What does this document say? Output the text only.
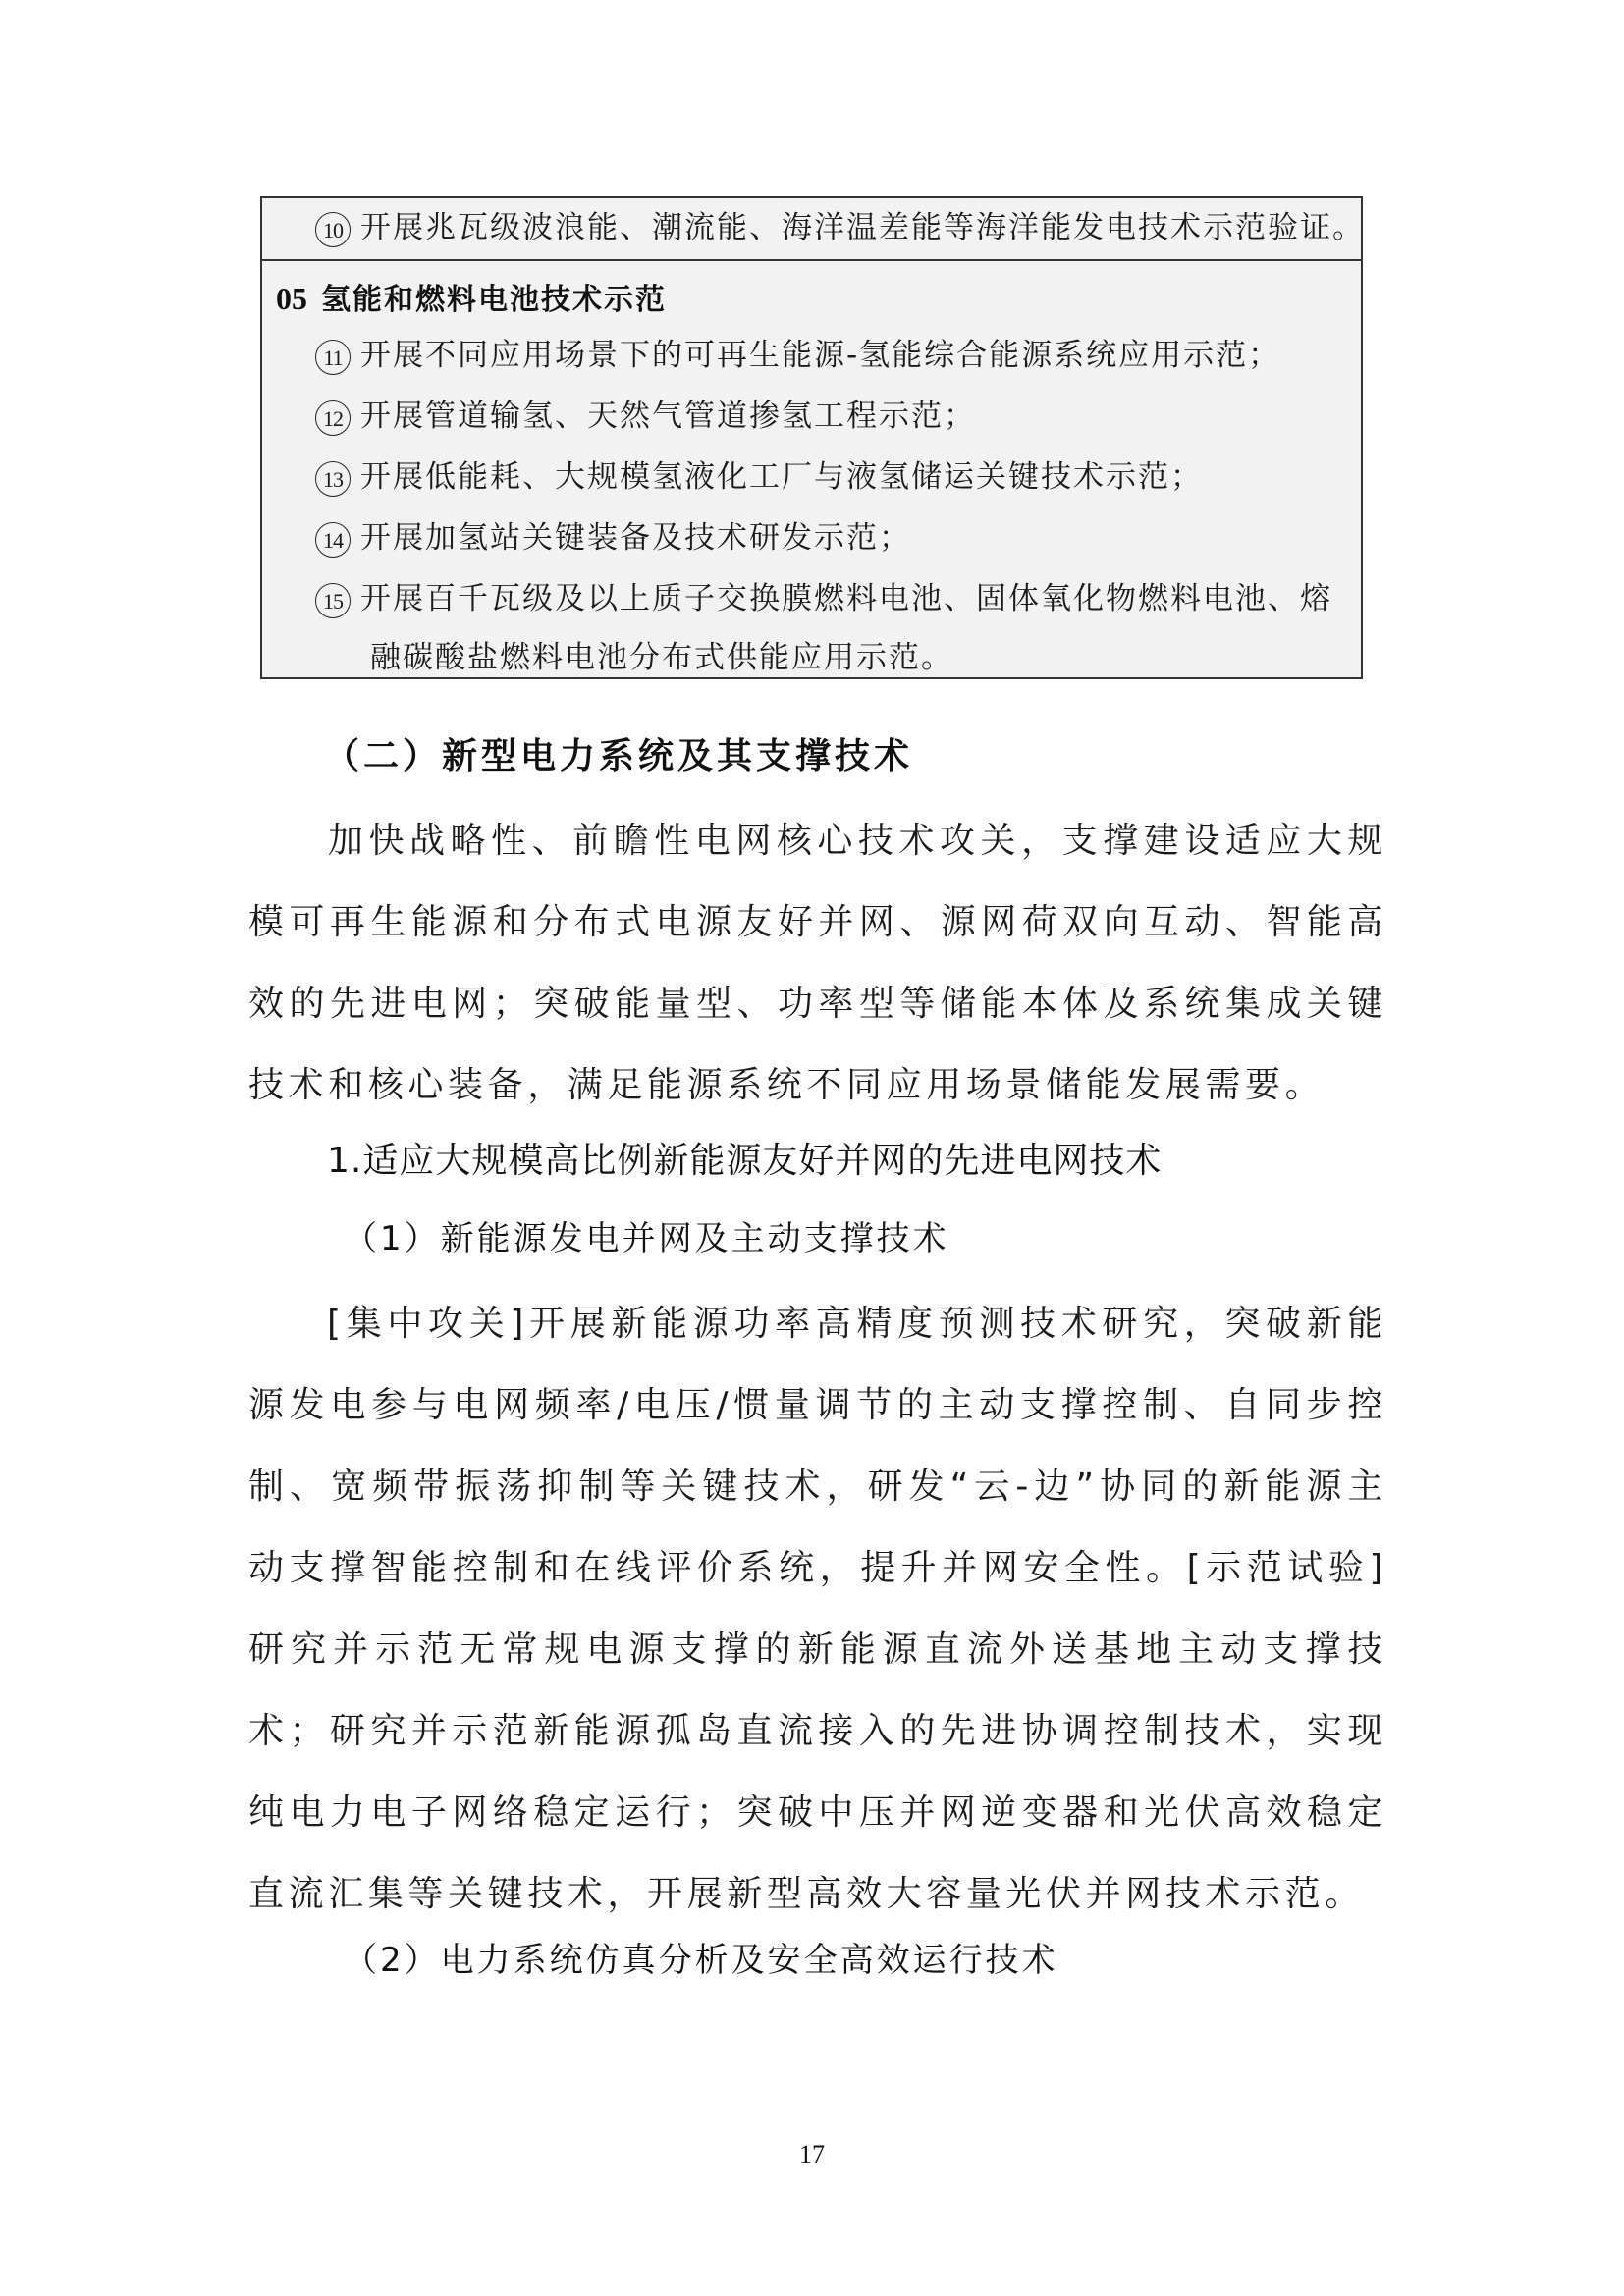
10 开展兆瓦级波浪能、潮流能、海洋温差能等海洋能发电技术示范验证。
05 氢能和燃料电池技术示范
11 开展不同应用场景下的可再生能源-氢能综合能源系统应用示范；
12 开展管道输氢、天然气管道掺氢工程示范；
13 开展低能耗、大规模氢液化工厂与液氢储运关键技术示范；
14 开展加氢站关键装备及技术研发示范；
15 开展百千瓦级及以上质子交换膜燃料电池、固体氧化物燃料电池、熔
融碳酸盐燃料电池分布式供能应用示范。
（二）新型电力系统及其支撑技术
加快战略性、前瞻性电网核心技术攻关，支撑建设适应大规模可再生能源和分布式电源友好并网、源网荷双向互动、智能高效的先进电网；突破能量型、功率型等储能本体及系统集成关键技术和核心装备，满足能源系统不同应用场景储能发展需要。
1.适应大规模高比例新能源友好并网的先进电网技术
（1）新能源发电并网及主动支撑技术
[集中攻关]开展新能源功率高精度预测技术研究，突破新能源发电参与电网频率/电压/惯量调节的主动支撑控制、自同步控制、宽频带振荡抑制等关键技术，研发“云-边”协同的新能源主动支撑智能控制和在线评价系统，提升并网安全性。[示范试验]研究并示范无常规电源支撑的新能源直流外送基地主动支撑技术；研究并示范新能源孤岛直流接入的先进协调控制技术，实现纯电力电子网络稳定运行；突破中压并网逆变器和光伏高效稳定直流汇集等关键技术，开展新型高效大容量光伏并网技术示范。
（2）电力系统仿真分析及安全高效运行技术
17
